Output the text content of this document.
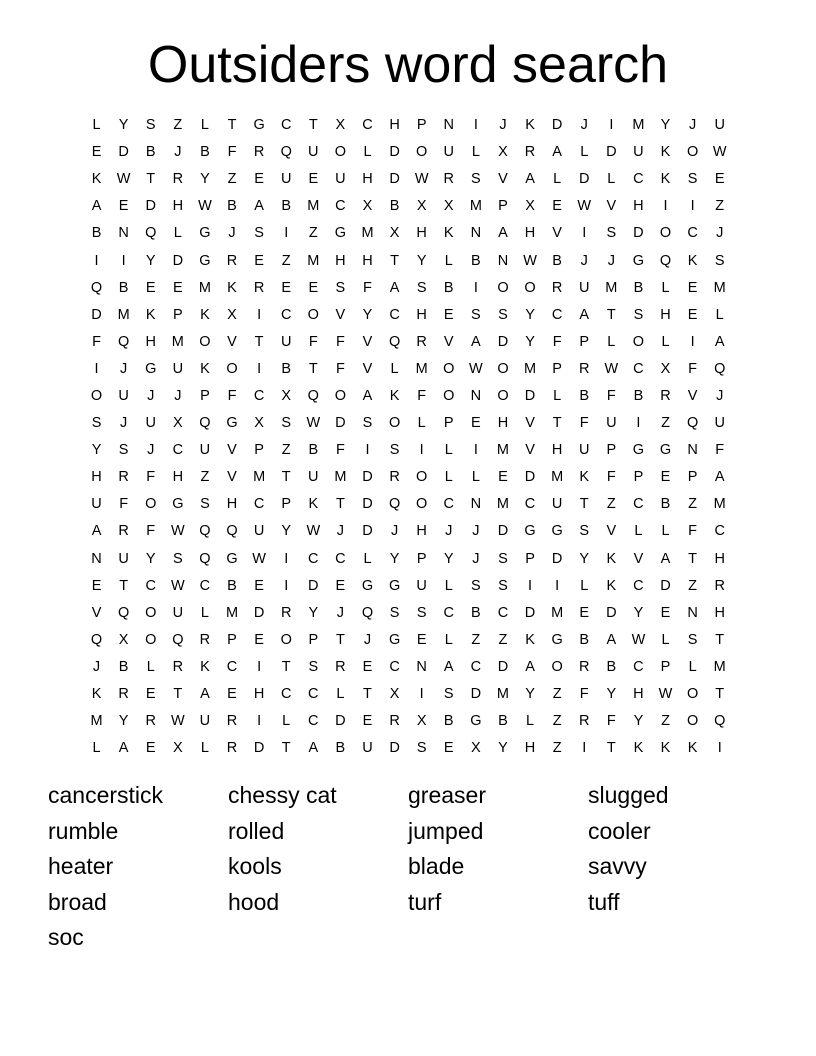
Outsiders word search
L	Y	S	Z	L	T	G	C	T	X	C	H	P	N	I	J	K	D	J	I	M	Y	J	U
E	D	B	J	B	F	R	Q	U	O	L	D	O	U	L	X	R	A	L	D	U	K	O	W
K	W	T	R	Y	Z	E	U	E	U	H	D	W	R	S	V	A	L	D	L	C	K	S	E
A	E	D	H	W	B	A	B	M	C	X	B	X	X	M	P	X	E	W	V	H	I	I	Z
B	N	Q	L	G	J	S	I	Z	G	M	X	H	K	N	A	H	V	I	S	D	O	C	J
I	I	Y	D	G	R	E	Z	M	H	H	T	Y	L	B	N	W	B	J	J	G	Q	K	S
Q	B	E	E	M	K	R	E	E	S	F	A	S	B	I	O	O	R	U	M	B	L	E	M
D	M	K	P	K	X	I	C	O	V	Y	C	H	E	S	S	Y	C	A	T	S	H	E	L
F	Q	H	M	O	V	T	U	F	F	V	Q	R	V	A	D	Y	F	P	L	O	L	I	A
I	J	G	U	K	O	I	B	T	F	V	L	M	O	W	O	M	P	R	W	C	X	F	Q
O	U	J	J	P	F	C	X	Q	O	A	K	F	O	N	O	D	L	B	F	B	R	V	J
S	J	U	X	Q	G	X	S	W	D	S	O	L	P	E	H	V	T	F	U	I	Z	Q	U
Y	S	J	C	U	V	P	Z	B	F	I	S	I	L	I	M	V	H	U	P	G	G	N	F
H	R	F	H	Z	V	M	T	U	M	D	R	O	L	L	E	D	M	K	F	P	E	P	A
U	F	O	G	S	H	C	P	K	T	D	Q	O	C	N	M	C	U	T	Z	C	B	Z	M
A	R	F	W	Q	Q	U	Y	W	J	D	J	H	J	J	D	G	G	S	V	L	L	F	C
N	U	Y	S	Q	G	W	I	C	C	L	Y	P	Y	J	S	P	D	Y	K	V	A	T	H
E	T	C	W	C	B	E	I	D	E	G	G	U	L	S	S	I	I	L	K	C	D	Z	R
V	Q	O	U	L	M	D	R	Y	J	Q	S	S	C	B	C	D	M	E	D	Y	E	N	H
Q	X	O	Q	R	P	E	O	P	T	J	G	E	L	Z	Z	K	G	B	A	W	L	S	T
J	B	L	R	K	C	I	T	S	R	E	C	N	A	C	D	A	O	R	B	C	P	L	M
K	R	E	T	A	E	H	C	C	L	T	X	I	S	D	M	Y	Z	F	Y	H	W	O	T
M	Y	R	W	U	R	I	L	C	D	E	R	X	B	G	B	L	Z	R	F	Y	Z	O	Q
L	A	E	X	L	R	D	T	A	B	U	D	S	E	X	Y	H	Z	I	T	K	K	K	I
cancerstick	chessy cat	greaser	slugged
rumble	rolled	jumped	cooler
heater	kools	blade	savvy
broad	hood	turf	tuff
soc
